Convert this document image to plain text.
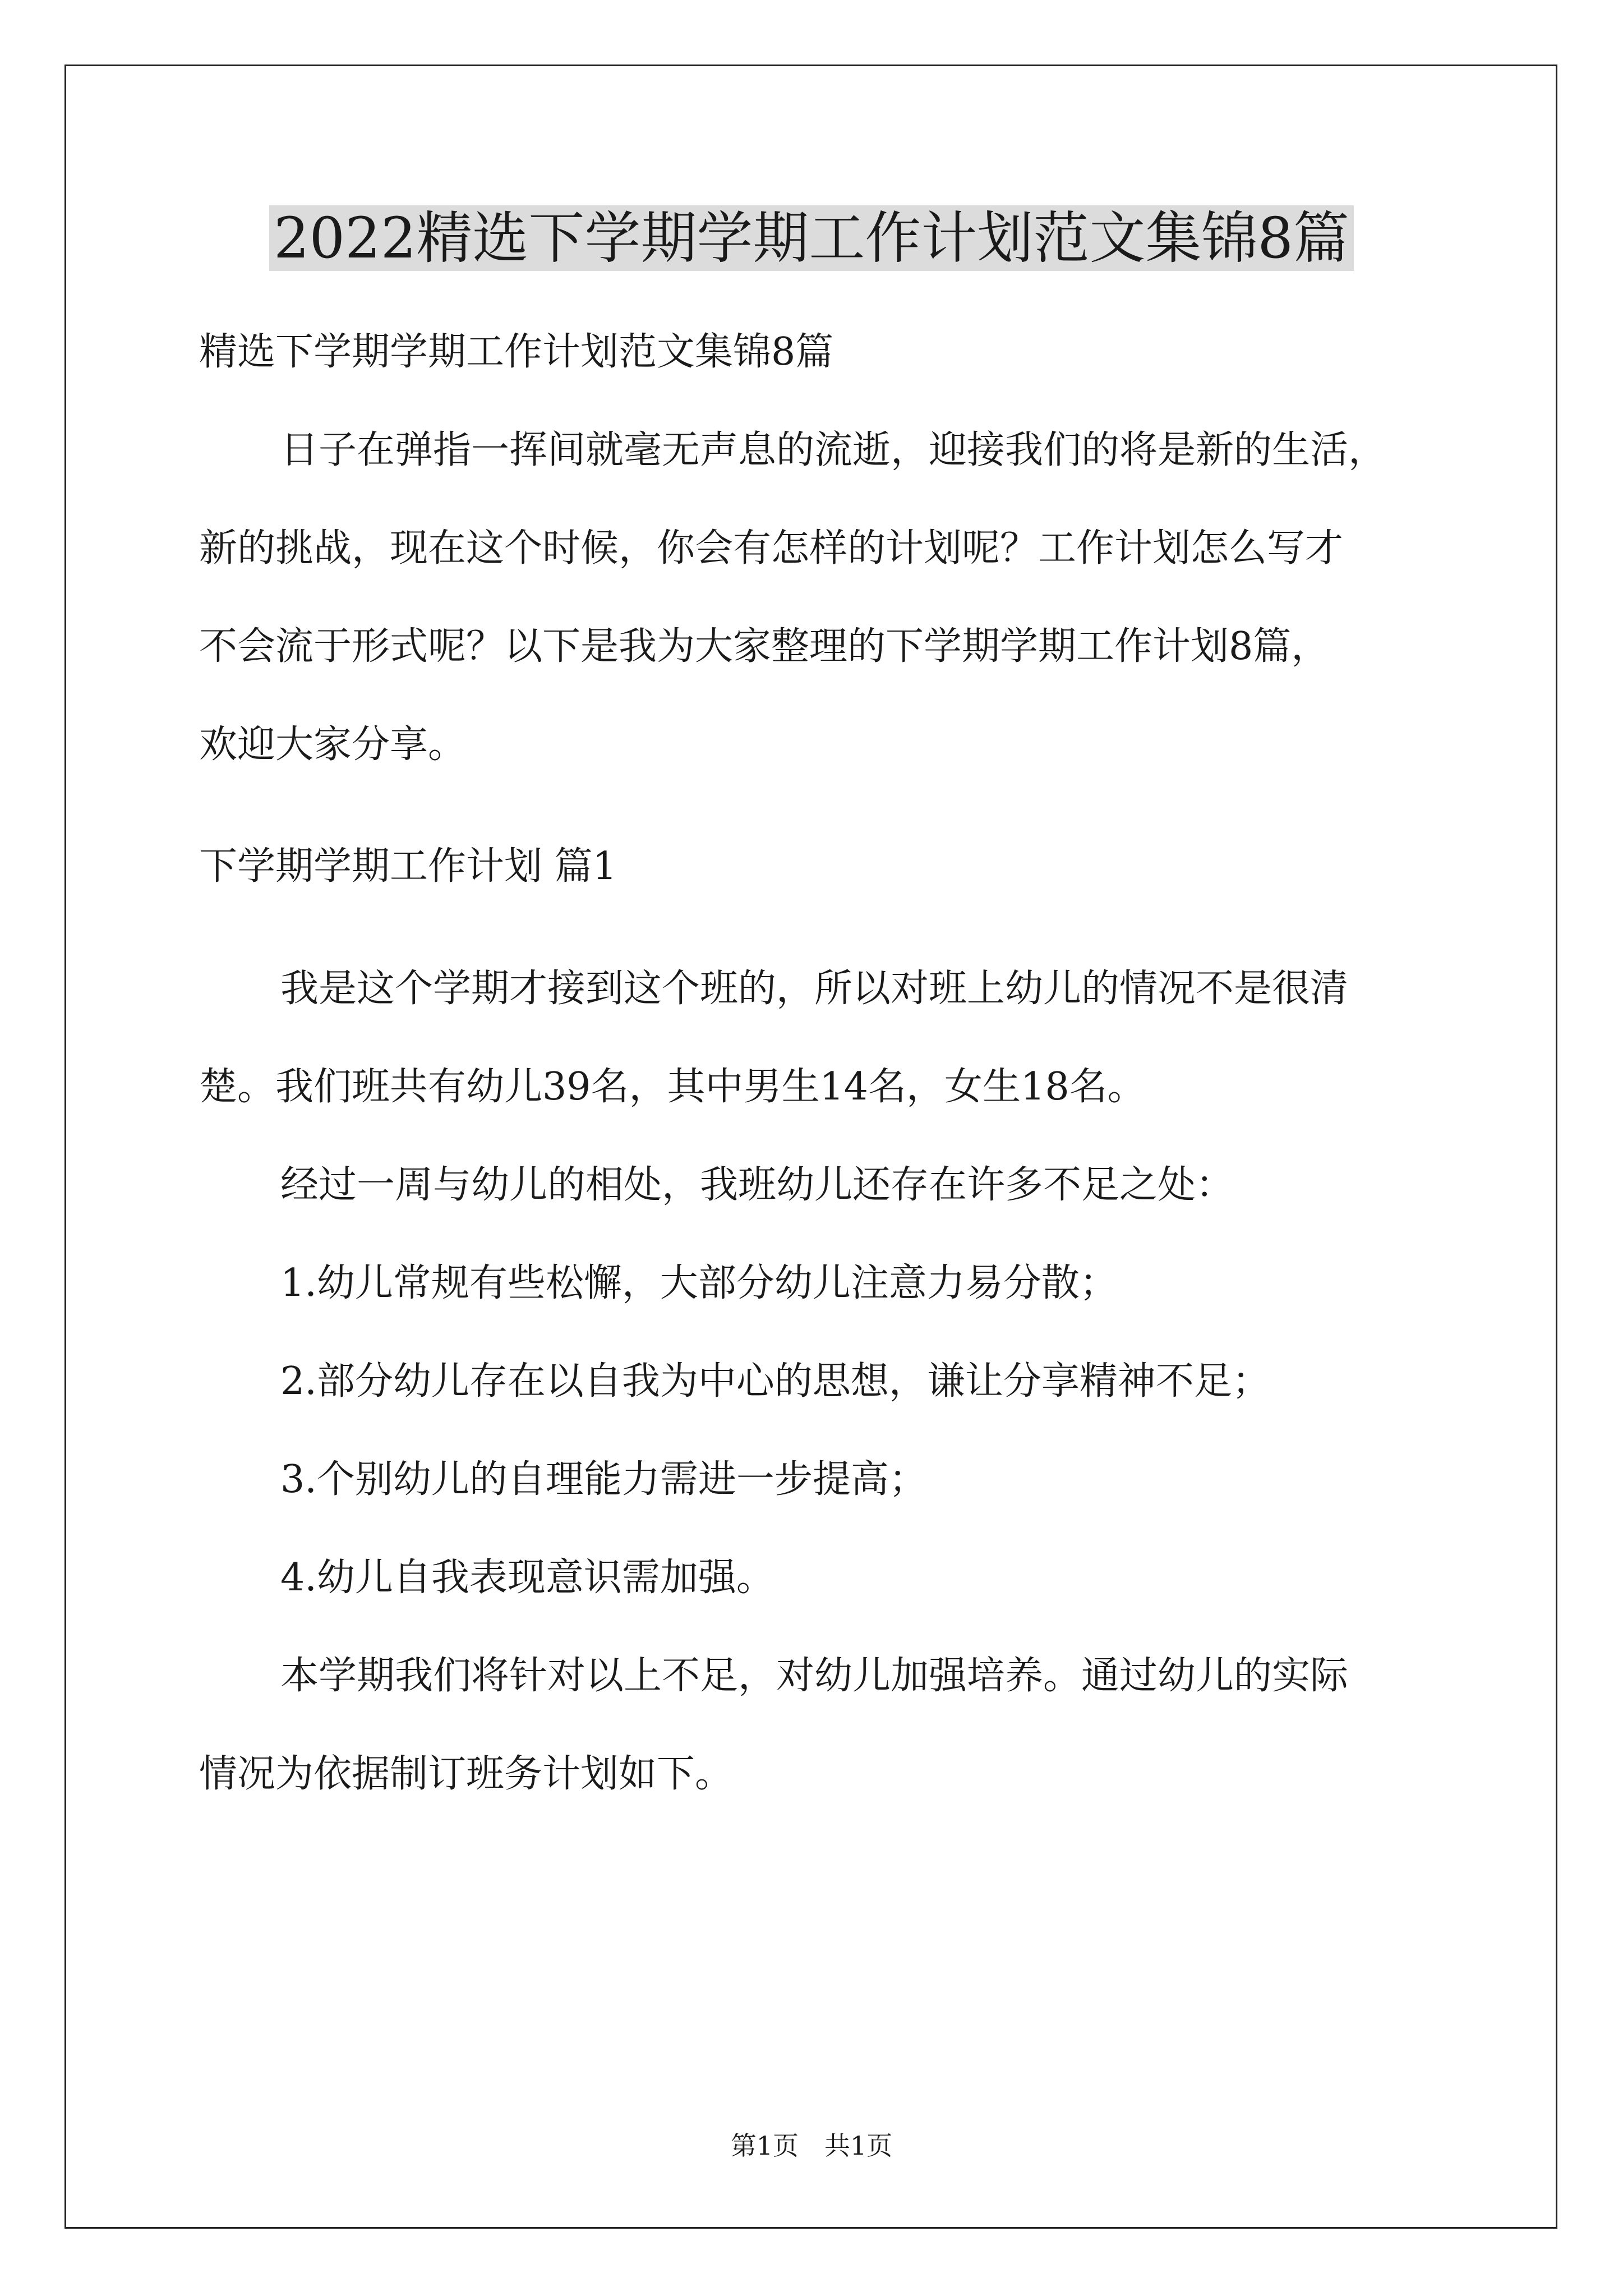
2022精选下学期学期工作计划范文集锦8篇

精选下学期学期工作计划范文集锦8篇

日子在弹指一挥间就毫无声息的流逝，迎接我们的将是新的生活，

新的挑战，现在这个时候，你会有怎样的计划呢？工作计划怎么写才

不会流于形式呢？以下是我为大家整理的下学期学期工作计划8篇，

欢迎大家分享。

下学期学期工作计划 篇1

我是这个学期才接到这个班的，所以对班上幼儿的情况不是很清

楚。我们班共有幼儿39名，其中男生14名，女生18名。

经过一周与幼儿的相处，我班幼儿还存在许多不足之处：

1.幼儿常规有些松懈，大部分幼儿注意力易分散；

2.部分幼儿存在以自我为中心的思想，谦让分享精神不足；

3.个别幼儿的自理能力需进一步提高；

4.幼儿自我表现意识需加强。

本学期我们将针对以上不足，对幼儿加强培养。通过幼儿的实际

情况为依据制订班务计划如下。

第1页　共1页
